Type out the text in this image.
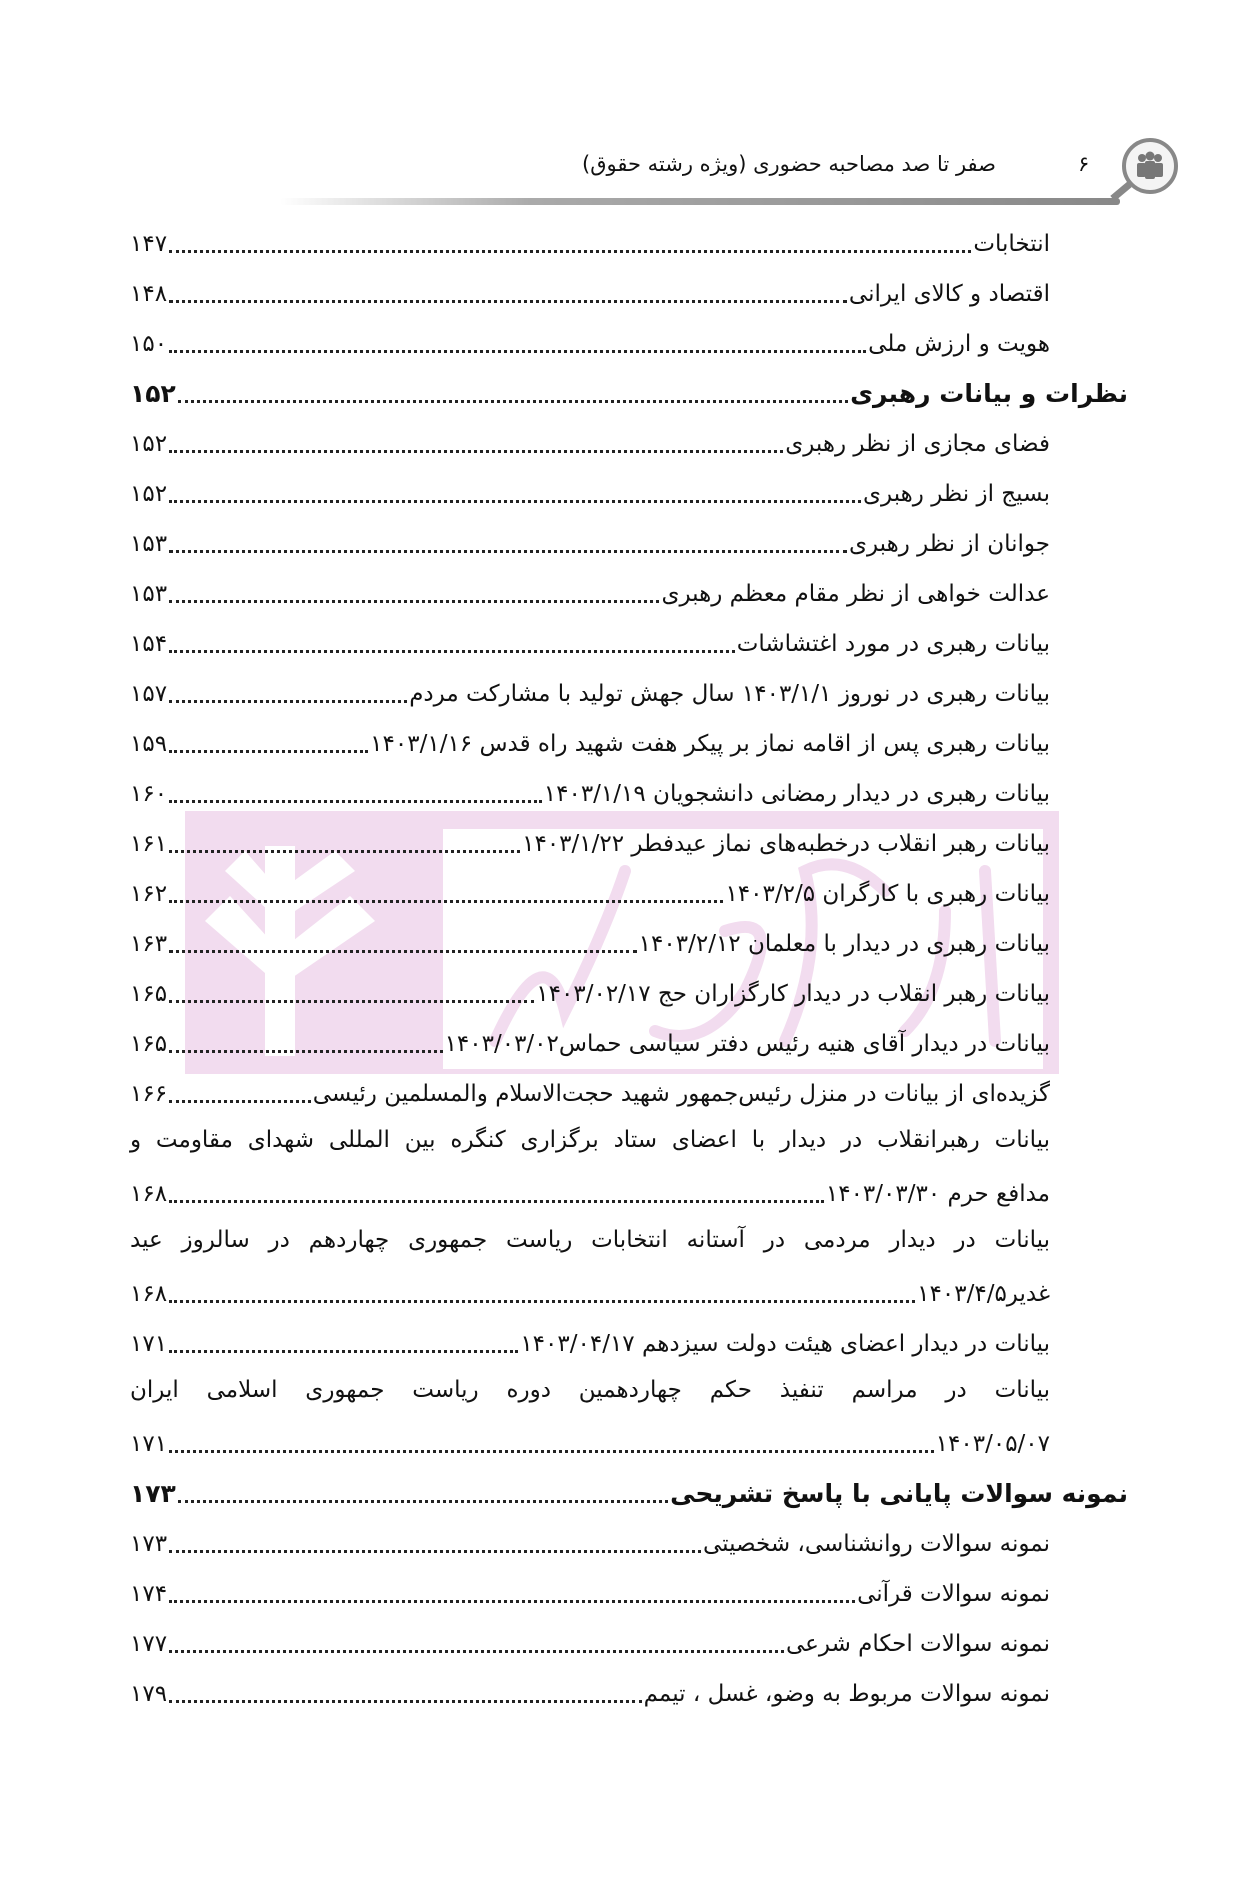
۶
صفر تا صد مصاحبه حضوری (ویژه رشته حقوق)
انتخابات
۱۴۷
اقتصاد و کالای ایرانی
۱۴۸
هویت و ارزش ملی
۱۵۰
نظرات و بیانات رهبری
۱۵۲
فضای مجازی از نظر رهبری
۱۵۲
بسیج از نظر رهبری
۱۵۲
جوانان از نظر رهبری
۱۵۳
عدالت خواهی از نظر مقام معظم رهبری
۱۵۳
بیانات رهبری در مورد اغتشاشات
۱۵۴
بیانات رهبری در نوروز ۱۴۰۳/۱/۱ سال جهش تولید با مشارکت مردم
۱۵۷
بیانات رهبری پس از اقامه نماز بر پیکر هفت شهید راه قدس ۱۴۰۳/۱/۱۶
۱۵۹
بیانات رهبری در دیدار رمضانی دانشجویان ۱۴۰۳/۱/۱۹
۱۶۰
بیانات رهبر انقلاب درخطبه‌های نماز عیدفطر ۱۴۰۳/۱/۲۲
۱۶۱
بیانات رهبری با کارگران ۱۴۰۳/۲/۵
۱۶۲
بیانات رهبری در دیدار با معلمان ۱۴۰۳/۲/۱۲
۱۶۳
بیانات رهبر انقلاب در دیدار کارگزاران حج ۱۴۰۳/۰۲/۱۷
۱۶۵
بیانات در دیدار آقای هنیه رئیس دفتر سیاسی حماس۱۴۰۳/۰۳/۰۲
۱۶۵
گزیده‌ای از بیانات در منزل رئیس‌جمهور شهید حجت‌الاسلام والمسلمین رئیسی
۱۶۶
بیانات رهبرانقلاب در دیدار با اعضای ستاد برگزاری کنگره بین المللی شهدای مقاومت و
مدافع حرم ۱۴۰۳/۰۳/۳۰
۱۶۸
بیانات در دیدار مردمی در آستانه انتخابات ریاست جمهوری چهاردهم در سالروز عید
غدیر۱۴۰۳/۴/۵
۱۶۸
بیانات در دیدار اعضای هیئت دولت سیزدهم ۱۴۰۳/۰۴/۱۷
۱۷۱
بیانات در مراسم تنفیذ حکم چهاردهمین دوره ریاست جمهوری اسلامی ایران
۱۴۰۳/۰۵/۰۷
۱۷۱
نمونه سوالات پایانی با پاسخ تشریحی
۱۷۳
نمونه سوالات روانشناسی، شخصیتی
۱۷۳
نمونه سوالات قرآنی
۱۷۴
نمونه سوالات احکام شرعی
۱۷۷
نمونه سوالات مربوط به وضو، غسل ، تیمم
۱۷۹
